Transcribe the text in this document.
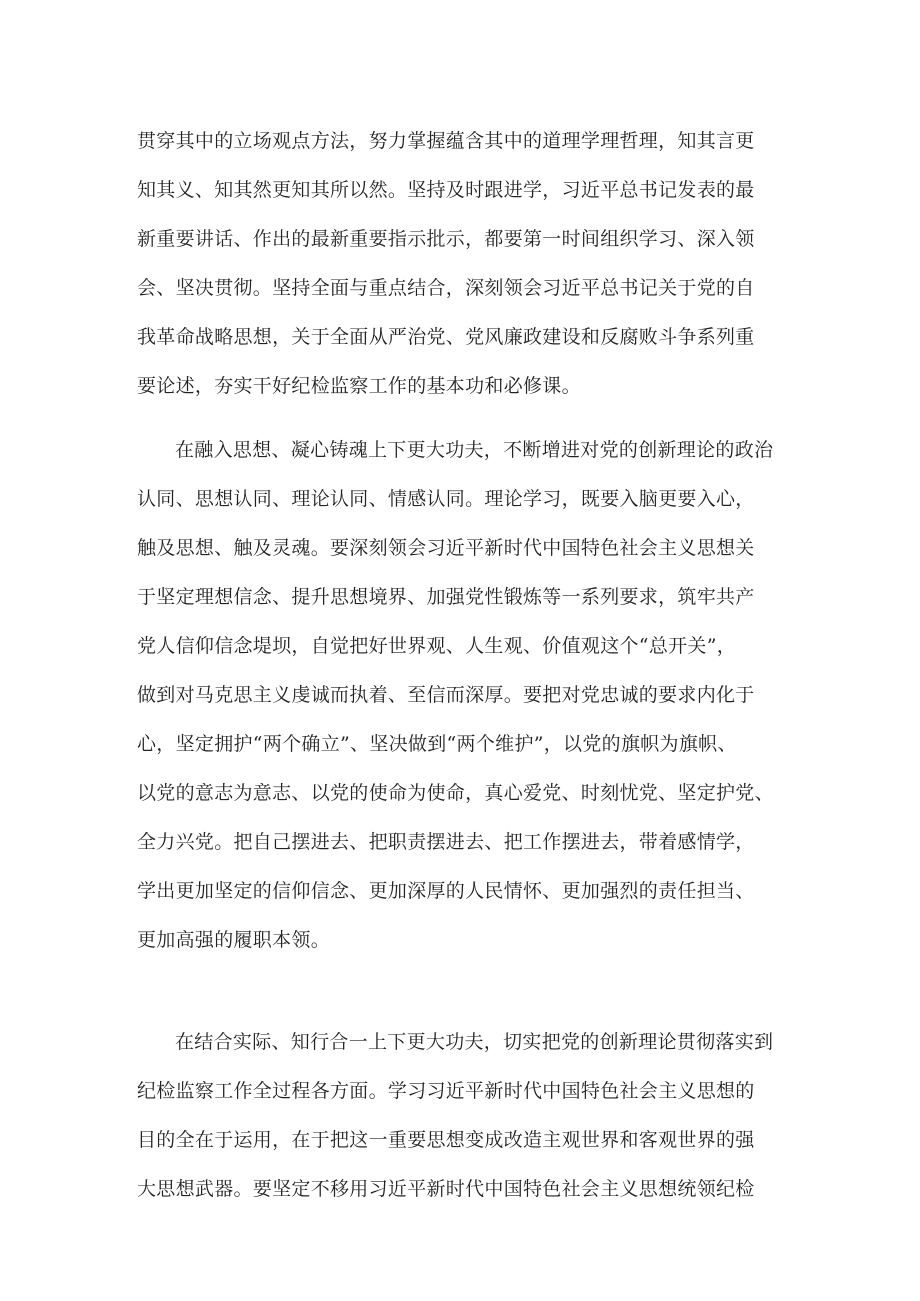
贯穿其中的立场观点方法，努力掌握蕴含其中的道理学理哲理，知其言更
知其义、知其然更知其所以然。坚持及时跟进学，习近平总书记发表的最
新重要讲话、作出的最新重要指示批示，都要第一时间组织学习、深入领
会、坚决贯彻。坚持全面与重点结合，深刻领会习近平总书记关于党的自
我革命战略思想，关于全面从严治党、党风廉政建设和反腐败斗争系列重
要论述，夯实干好纪检监察工作的基本功和必修课。
在融入思想、凝心铸魂上下更大功夫，不断增进对党的创新理论的政治
认同、思想认同、理论认同、情感认同。理论学习，既要入脑更要入心，
触及思想、触及灵魂。要深刻领会习近平新时代中国特色社会主义思想关
于坚定理想信念、提升思想境界、加强党性锻炼等一系列要求，筑牢共产
党人信仰信念堤坝，自觉把好世界观、人生观、价值观这个“总开关”，
做到对马克思主义虔诚而执着、至信而深厚。要把对党忠诚的要求内化于
心，坚定拥护“两个确立”、坚决做到“两个维护”，以党的旗帜为旗帜、
以党的意志为意志、以党的使命为使命，真心爱党、时刻忧党、坚定护党、
全力兴党。把自己摆进去、把职责摆进去、把工作摆进去，带着感情学，
学出更加坚定的信仰信念、更加深厚的人民情怀、更加强烈的责任担当、
更加高强的履职本领。
在结合实际、知行合一上下更大功夫，切实把党的创新理论贯彻落实到
纪检监察工作全过程各方面。学习习近平新时代中国特色社会主义思想的
目的全在于运用，在于把这一重要思想变成改造主观世界和客观世界的强
大思想武器。要坚定不移用习近平新时代中国特色社会主义思想统领纪检
